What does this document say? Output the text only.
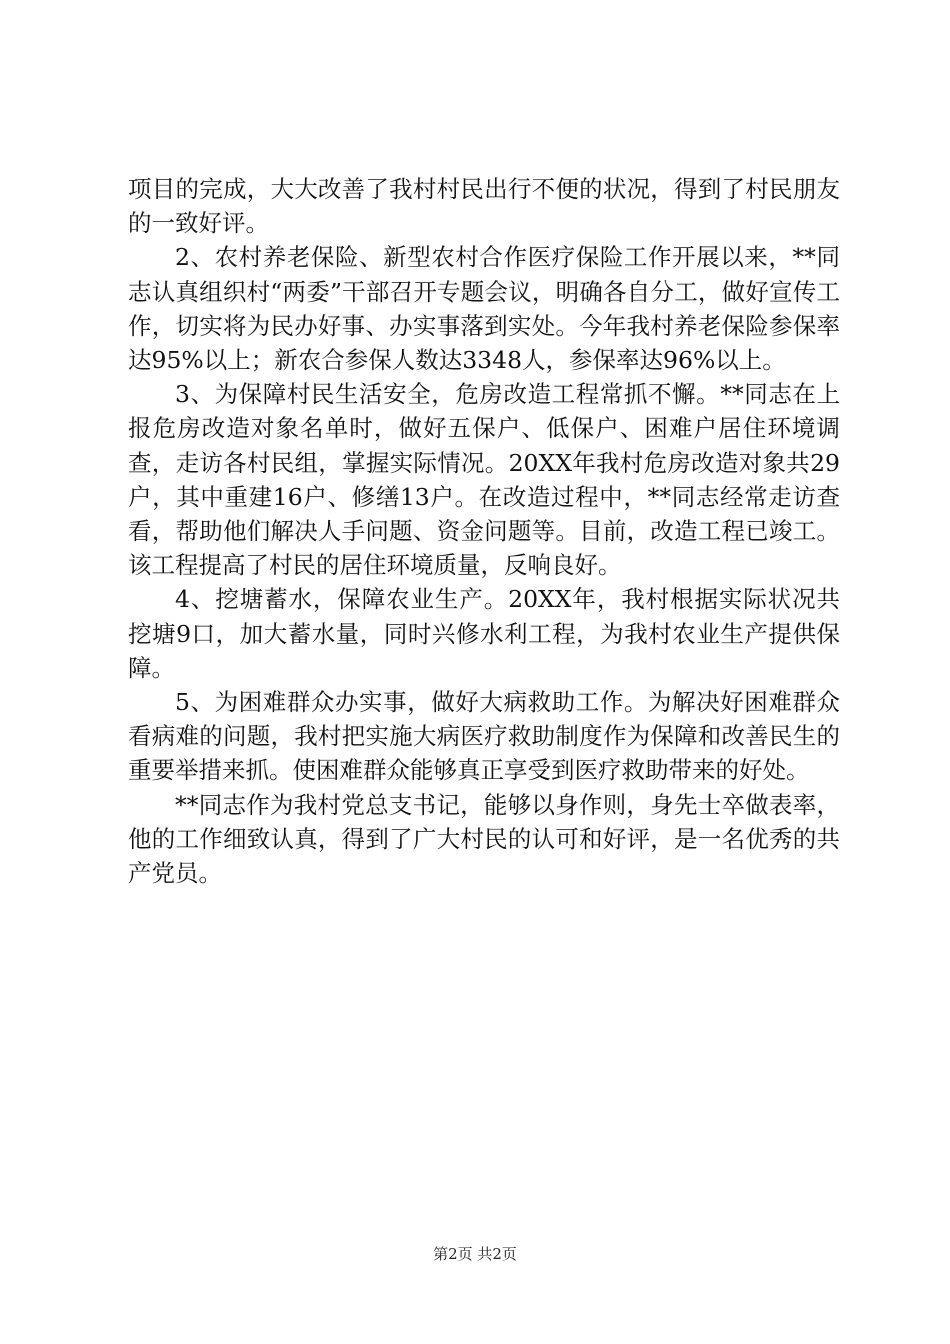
项目的完成，大大改善了我村村民出行不便的状况，得到了村民朋友的一致好评。

2、农村养老保险、新型农村合作医疗保险工作开展以来，**同志认真组织村“两委”干部召开专题会议，明确各自分工，做好宣传工作，切实将为民办好事、办实事落到实处。今年我村养老保险参保率达95%以上；新农合参保人数达3348人，参保率达96%以上。

3、为保障村民生活安全，危房改造工程常抓不懈。**同志在上报危房改造对象名单时，做好五保户、低保户、困难户居住环境调查，走访各村民组，掌握实际情况。20XX年我村危房改造对象共29户，其中重建16户、修缮13户。在改造过程中，**同志经常走访查看，帮助他们解决人手问题、资金问题等。目前，改造工程已竣工。该工程提高了村民的居住环境质量，反响良好。

4、挖塘蓄水，保障农业生产。20XX年，我村根据实际状况共挖塘9口，加大蓄水量，同时兴修水利工程，为我村农业生产提供保障。

5、为困难群众办实事，做好大病救助工作。为解决好困难群众看病难的问题，我村把实施大病医疗救助制度作为保障和改善民生的重要举措来抓。使困难群众能够真正享受到医疗救助带来的好处。

**同志作为我村党总支书记，能够以身作则，身先士卒做表率，他的工作细致认真，得到了广大村民的认可和好评，是一名优秀的共产党员。

第2页 共2页
